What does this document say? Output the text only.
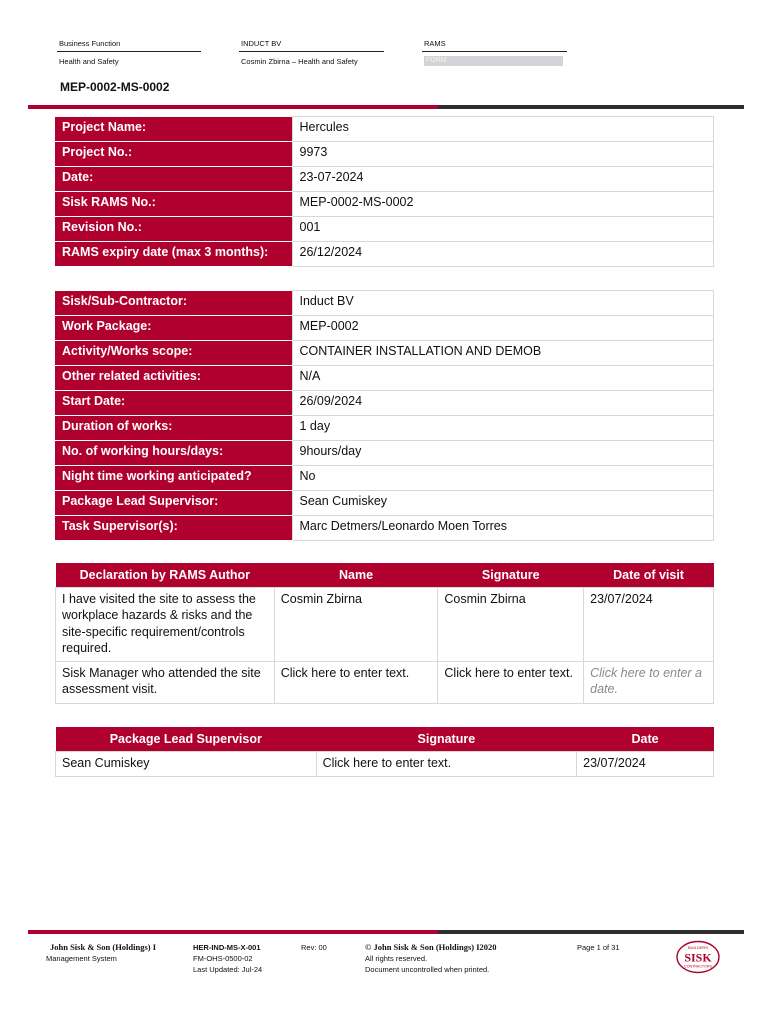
Business Function
Health and Safety
INDUCT BV
Cosmin Zbirna – Health and Safety
RAMS
FORM
MEP-0002-MS-0002
Project Name:	Hercules
Project No.:	9973
Date:	23-07-2024
Sisk RAMS No.:	MEP-0002-MS-0002
Revision No.:	001
RAMS expiry date (max 3 months):	26/12/2024
Sisk/Sub-Contractor:	Induct BV
Work Package:	MEP-0002
Activity/Works scope:	CONTAINER INSTALLATION AND DEMOB
Other related activities:	N/A
Start Date:	26/09/2024
Duration of works:	1 day
No. of working hours/days:	9hours/day
Night time working anticipated?	No
Package Lead Supervisor:	Sean Cumiskey
Task Supervisor(s):	Marc Detmers/Leonardo Moen Torres
Declaration by RAMS Author	Name	Signature	Date of visit
I have visited the site to assess the workplace hazards & risks and the site-specific requirement/controls required.	Cosmin Zbirna	Cosmin Zbirna	23/07/2024
Sisk Manager who attended the site assessment visit.	Click here to enter text.	Click here to enter text.	Click here to enter a date.
Package Lead Supervisor	Signature	Date
Sean Cumiskey	Click here to enter text.	23/07/2024
John Sisk & Son (Holdings) I
Management System
HER-IND-MS-X-001
FM-OHS-0500-02
Last Updated: Jul-24
Rev: 00	© John Sisk & Son (Holdings) I2020
All rights reserved.
Document uncontrolled when printed.
Page 1 of 31	BUILDERS
SISK
CONTRACTORS
